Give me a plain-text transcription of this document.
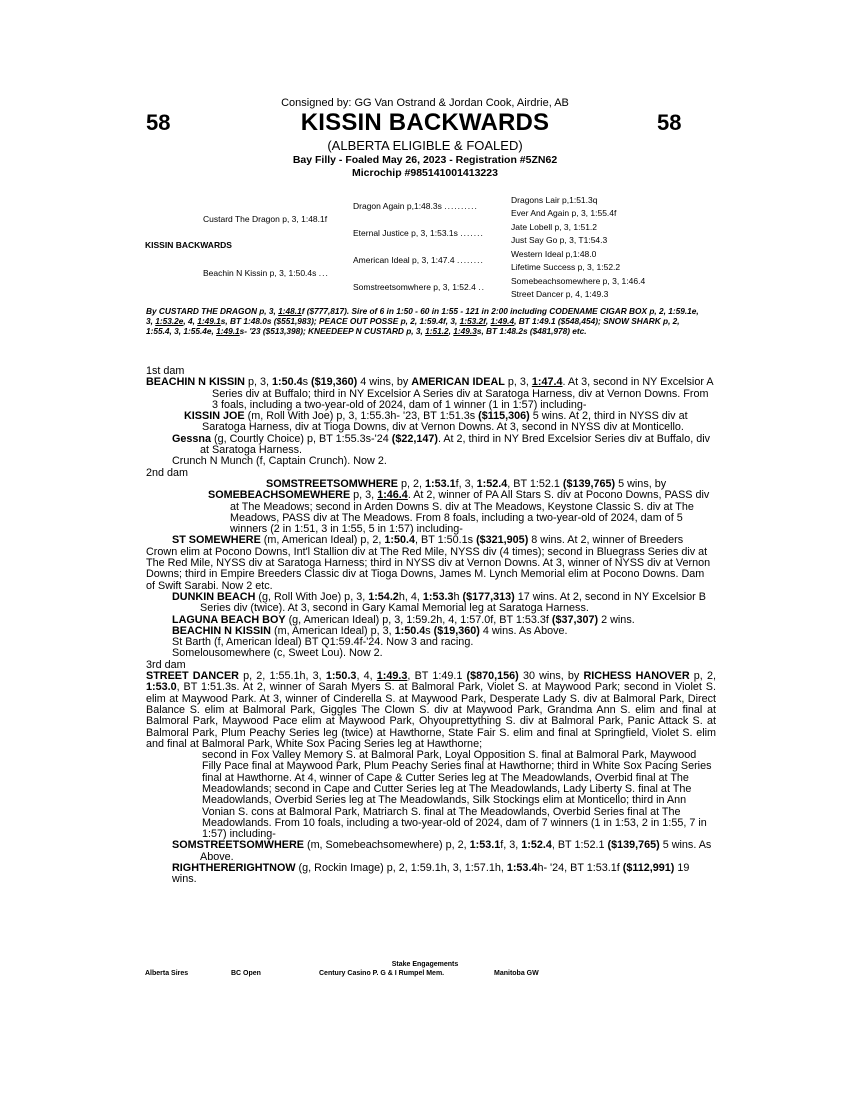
Consigned by: GG Van Ostrand & Jordan Cook, Airdrie, AB
58	58
KISSIN BACKWARDS
(ALBERTA ELIGIBLE & FOALED)
Bay Filly - Foaled May 26, 2023 - Registration #5ZN62
Microchip #985141001413223
KISSIN BACKWARDS
Custard The Dragon p, 3, 1:48.1f
Beachin N Kissin p, 3, 1:50.4s ...
Dragon Again p,1:48.3s ..........
Eternal Justice p, 3, 1:53.1s .......
American Ideal p, 3, 1:47.4 ........
Somstreetsomwhere p, 3, 1:52.4 ..
Dragons Lair p,1:51.3q
Ever And Again p, 3, 1:55.4f
Jate Lobell p, 3, 1:51.2
Just Say Go p, 3, T1:54.3
Western Ideal p,1:48.0
Lifetime Success p, 3, 1:52.2
Somebeachsomewhere p, 3, 1:46.4
Street Dancer p, 4, 1:49.3
By CUSTARD THE DRAGON p, 3, 1:48.1f ($777,817). Sire of 6 in 1:50 - 60 in 1:55 - 121 in 2:00 including CODENAME CIGAR BOX p, 2, 1:59.1e, 3, 1:53.2e, 4, 1:49.1s, BT 1:48.0s ($551,983); PEACE OUT POSSE p, 2, 1:59.4f, 3, 1:53.2f, 1:49.4, BT 1:49.1 ($548,454); SNOW SHARK p, 2, 1:55.4, 3, 1:55.4e, 1:49.1s- '23 ($513,398); KNEEDEEP N CUSTARD p, 3, 1:51.2, 1:49.3s, BT 1:48.2s ($481,978) etc.

1st dam

BEACHIN N KISSIN p, 3, 1:50.4s ($19,360) 4 wins, by AMERICAN IDEAL p, 3, 1:47.4. At 3, second in NY Excelsior A Series div at Buffalo; third in NY Excelsior A Series div at Saratoga Harness, div at Vernon Downs. From 3 foals, including a two-year-old of 2024, dam of 1 winner (1 in 1:57) including-

KISSIN JOE (m, Roll With Joe) p, 3, 1:55.3h- '23, BT 1:51.3s ($115,306) 5 wins. At 2, third in NYSS div at Saratoga Harness, div at Tioga Downs, div at Vernon Downs. At 3, second in NYSS div at Monticello.

Gessna (g, Courtly Choice) p, BT 1:55.3s-'24 ($22,147). At 2, third in NY Bred Excelsior Series div at Buffalo, div at Saratoga Harness.

Crunch N Munch (f, Captain Crunch). Now 2.

2nd dam

SOMSTREETSOMWHERE p, 2, 1:53.1f, 3, 1:52.4, BT 1:52.1 ($139,765) 5 wins, by

SOMEBEACHSOMEWHERE p, 3, 1:46.4. At 2, winner of PA All Stars S. div at Pocono Downs, PASS div at The Meadows; second in Arden Downs S. div at The Meadows, Keystone Classic S. div at The Meadows, PASS div at The Meadows. From 8 foals, including a two-year-old of 2024, dam of 5 winners (2 in 1:51, 3 in 1:55, 5 in 1:57) including-

ST SOMEWHERE (m, American Ideal) p, 2, 1:50.4, BT 1:50.1s ($321,905) 8 wins. At 2, winner of Breeders Crown elim at Pocono Downs, Int'l Stallion div at The Red Mile, NYSS div (4 times); second in Bluegrass Series div at The Red Mile, NYSS div at Saratoga Harness; third in NYSS div at Vernon Downs. At 3, winner of NYSS div at Vernon Downs; third in Empire Breeders Classic div at Tioga Downs, James M. Lynch Memorial elim at Pocono Downs. Dam of Swift Sarabi. Now 2 etc.

DUNKIN BEACH (g, Roll With Joe) p, 3, 1:54.2h, 4, 1:53.3h ($177,313) 17 wins. At 2, second in NY Excelsior B Series div (twice). At 3, second in Gary Kamal Memorial leg at Saratoga Harness.

LAGUNA BEACH BOY (g, American Ideal) p, 3, 1:59.2h, 4, 1:57.0f, BT 1:53.3f ($37,307) 2 wins.

BEACHIN N KISSIN (m, American Ideal) p, 3, 1:50.4s ($19,360) 4 wins. As Above.

St Barth (f, American Ideal) BT Q1:59.4f-'24. Now 3 and racing.

Somelousomewhere (c, Sweet Lou). Now 2.

3rd dam

STREET DANCER p, 2, 1:55.1h, 3, 1:50.3, 4, 1:49.3, BT 1:49.1 ($870,156) 30 wins, by RICHESS HANOVER p, 2, 1:53.0, BT 1:51.3s. At 2, winner of Sarah Myers S. at Balmoral Park, Violet S. at Maywood Park; second in Violet S. elim at Maywood Park. At 3, winner of Cinderella S. at Maywood Park, Desperate Lady S. div at Balmoral Park, Direct Balance S. elim at Balmoral Park, Giggles The Clown S. div at Maywood Park, Grandma Ann S. elim and final at Balmoral Park, Maywood Pace elim at Maywood Park, Ohyouprettything S. div at Balmoral Park, Panic Attack S. at Balmoral Park, Plum Peachy Series leg (twice) at Hawthorne, State Fair S. elim and final at Springfield, Violet S. elim and final at Balmoral Park, White Sox Pacing Series leg at Hawthorne;

second in Fox Valley Memory S. at Balmoral Park, Loyal Opposition S. final at Balmoral Park, Maywood Filly Pace final at Maywood Park, Plum Peachy Series final at Hawthorne; third in White Sox Pacing Series final at Hawthorne. At 4, winner of Cape & Cutter Series leg at The Meadowlands, Overbid final at The Meadowlands; second in Cape and Cutter Series leg at The Meadowlands, Lady Liberty S. final at The Meadowlands, Overbid Series leg at The Meadowlands, Silk Stockings elim at Monticello; third in Ann Vonian S. cons at Balmoral Park, Matriarch S. final at The Meadowlands, Overbid Series final at The Meadowlands. From 10 foals, including a two-year-old of 2024, dam of 7 winners (1 in 1:53, 2 in 1:55, 7 in 1:57) including-

SOMSTREETSOMWHERE (m, Somebeachsomewhere) p, 2, 1:53.1f, 3, 1:52.4, BT 1:52.1 ($139,765) 5 wins. As Above.

RIGHTHERERIGHTNOW (g, Rockin Image) p, 2, 1:59.1h, 3, 1:57.1h, 1:53.4h- '24, BT 1:53.1f ($112,991) 19 wins.

Stake Engagements
Alberta Sires	BC Open	Century Casino P. G & I Rumpel Mem.	Manitoba GW
